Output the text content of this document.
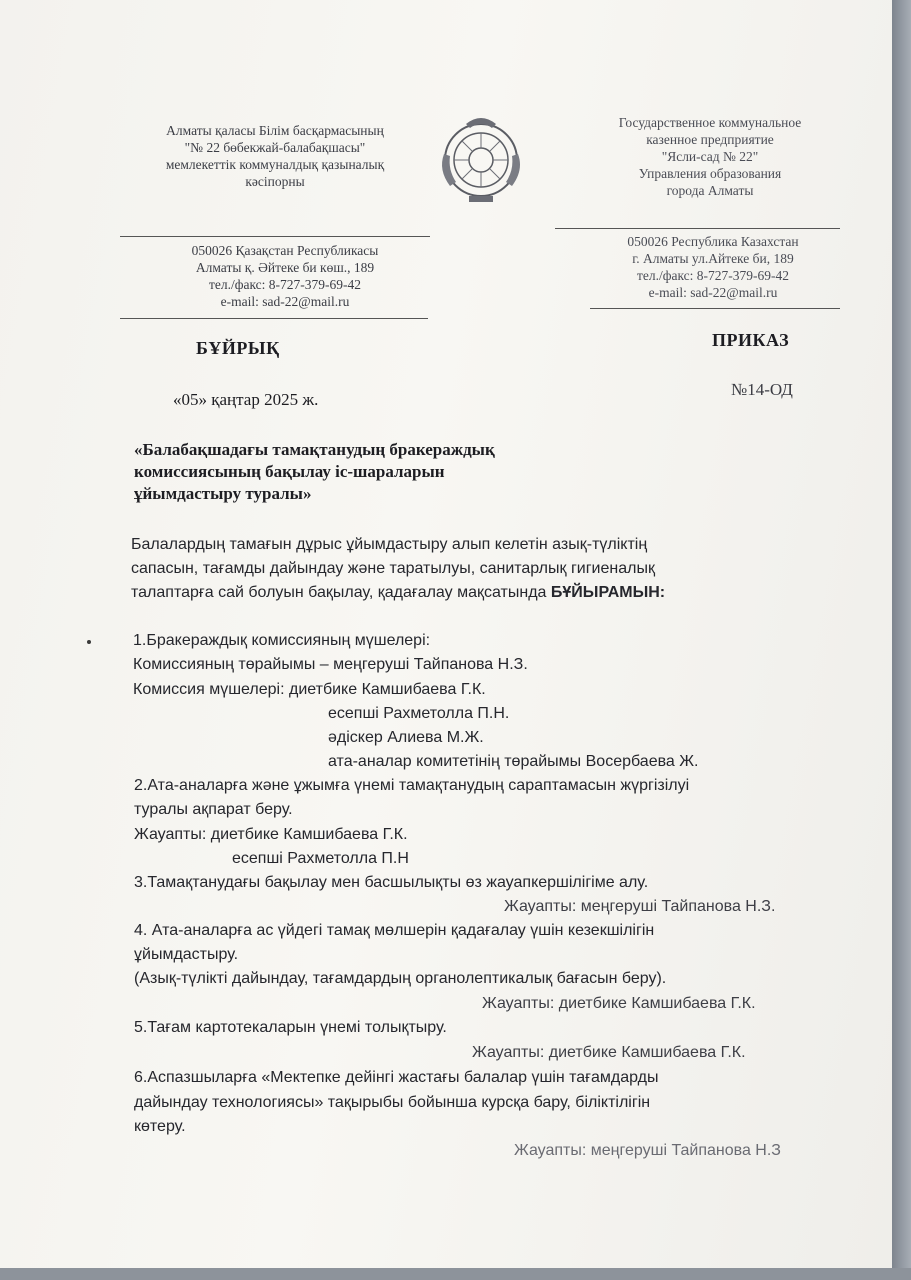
Алматы қаласы Білім басқармасының
"№ 22 бөбекжай-балабақшасы"
мемлекеттік коммуналдық қазыналық
кәсіпорны
Государственное коммунальное
казенное предприятие
"Ясли-сад № 22"
Управления образования
города Алматы
050026 Қазақстан Республикасы
Алматы қ. Әйтеке би көш., 189
тел./факс: 8-727-379-69-42
e-mail: sad-22@mail.ru
050026 Республика Казахстан
г. Алматы ул.Айтеке би, 189
тел./факс: 8-727-379-69-42
e-mail: sad-22@mail.ru
БҰЙРЫҚ	ПРИКАЗ
«05» қаңтар 2025 ж.
№14-ОД
«Балабақшадағы тамақтанудың бракераждық
комиссиясының бақылау іс-шараларын
ұйымдастыру туралы»
Балалардың тамағын дұрыс ұйымдастыру алып келетін азық-түліктің
сапасын, тағамды дайындау және таратылуы, санитарлық гигиеналық
талаптарға сай болуын бақылау, қадағалау мақсатында БҰЙЫРАМЫН:
1.Бракераждық комиссияның мүшелері:
Комиссияның төрайымы – меңгеруші Тайпанова Н.З.
Комиссия мүшелері: диетбике Камшибаева Г.К.
есепші Рахметолла П.Н.
әдіскер Алиева М.Ж.
ата-аналар комитетінің төрайымы Восербаева Ж.
2.Ата-аналарға және ұжымға үнемі тамақтанудың сараптамасын жүргізілуі
туралы ақпарат беру.
Жауапты: диетбике Камшибаева Г.К.
есепші Рахметолла П.Н
3.Тамақтанудағы бақылау мен басшылықты өз жауапкершілігіме алу.
Жауапты: меңгеруші Тайпанова Н.З.
4. Ата-аналарға ас үйдегі тамақ мөлшерін қадағалау үшін кезекшілігін
ұйымдастыру.
(Азық-түлікті дайындау, тағамдардың органолептикалық бағасын беру).
Жауапты: диетбике Камшибаева Г.К.
5.Тағам картотекаларын үнемі толықтыру.
Жауапты: диетбике Камшибаева Г.К.
6.Аспазшыларға «Мектепке дейінгі жастағы балалар үшін тағамдарды
дайындау технологиясы» тақырыбы бойынша курсқа бару, біліктілігін
көтеру.
Жауапты: меңгеруші Тайпанова Н.З
